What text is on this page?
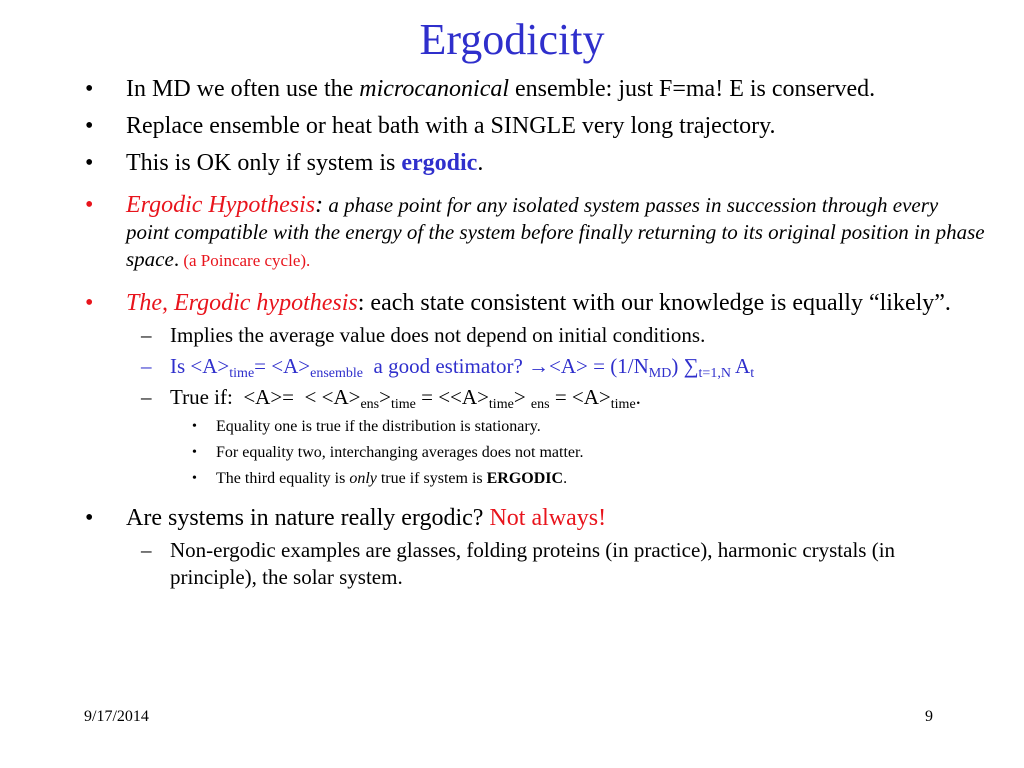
Ergodicity
• In MD we often use the microcanonical ensemble: just F=ma! E is conserved.
• Replace ensemble or heat bath with a SINGLE very long trajectory.
• This is OK only if system is ergodic.
• Ergodic Hypothesis: a phase point for any isolated system passes in succession through every point compatible with the energy of the system before finally returning to its original position in phase space. (a Poincare cycle).
• The, Ergodic hypothesis: each state consistent with our knowledge is equally “likely”.
– Implies the average value does not depend on initial conditions.
– $Is <A>_{time}= <A>_{ensemble}$  a good estimator? $\to<A> = (1/N_{MD})$ $\sum_{t=1,N}$ $A_t$
– True if:  $<A>= < <A>_{ens}>_{time} = <<A>_{time}> _{ens} = <A>_{time}$.
• Equality one is true if the distribution is stationary.
• For equality two, interchanging averages does not matter.
• The third equality is only true if system is ERGODIC.
• Are systems in nature really ergodic? Not always!
– Non-ergodic examples are glasses, folding proteins (in practice), harmonic crystals (in principle), the solar system.
9/17/2014	9
